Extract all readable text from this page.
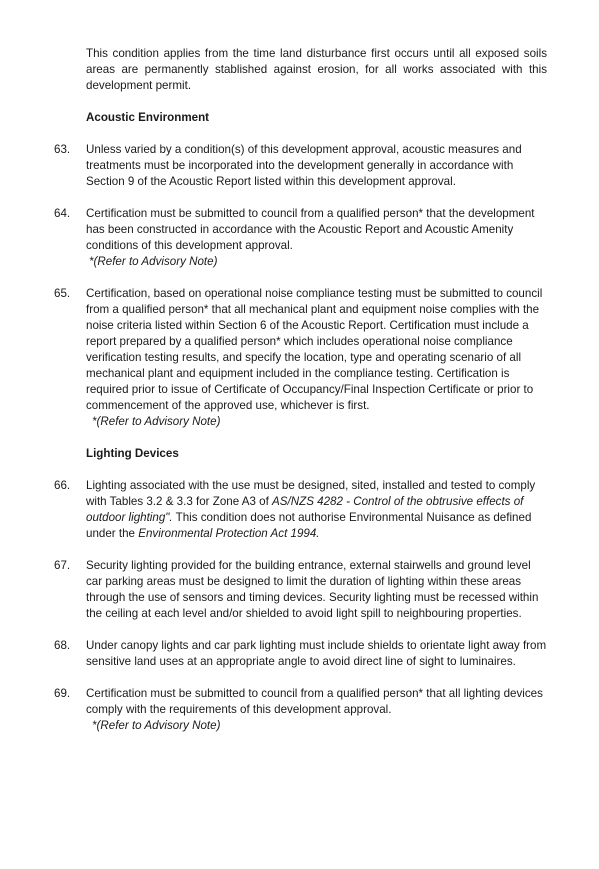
This condition applies from the time land disturbance first occurs until all exposed soils areas are permanently stablished against erosion, for all works associated with this development permit.

Acoustic Environment
63. Unless varied by a condition(s) of this development approval, acoustic measures and treatments must be incorporated into the development generally in accordance with Section 9 of the Acoustic Report listed within this development approval.
64. Certification must be submitted to council from a qualified person* that the development has been constructed in accordance with the Acoustic Report and Acoustic Amenity conditions of this development approval.
*(Refer to Advisory Note)
65. Certification, based on operational noise compliance testing must be submitted to council from a qualified person* that all mechanical plant and equipment noise complies with the noise criteria listed within Section 6 of the Acoustic Report. Certification must include a report prepared by a qualified person* which includes operational noise compliance verification testing results, and specify the location, type and operating scenario of all mechanical plant and equipment included in the compliance testing. Certification is required prior to issue of Certificate of Occupancy/Final Inspection Certificate or prior to commencement of the approved use, whichever is first.
*(Refer to Advisory Note)
Lighting Devices
66. Lighting associated with the use must be designed, sited, installed and tested to comply with Tables 3.2 & 3.3 for Zone A3 of AS/NZS 4282 - Control of the obtrusive effects of outdoor lighting". This condition does not authorise Environmental Nuisance as defined under the Environmental Protection Act 1994.
67. Security lighting provided for the building entrance, external stairwells and ground level car parking areas must be designed to limit the duration of lighting within these areas through the use of sensors and timing devices. Security lighting must be recessed within the ceiling at each level and/or shielded to avoid light spill to neighbouring properties.
68. Under canopy lights and car park lighting must include shields to orientate light away from sensitive land uses at an appropriate angle to avoid direct line of sight to luminaires.
69. Certification must be submitted to council from a qualified person* that all lighting devices comply with the requirements of this development approval.
*(Refer to Advisory Note)
